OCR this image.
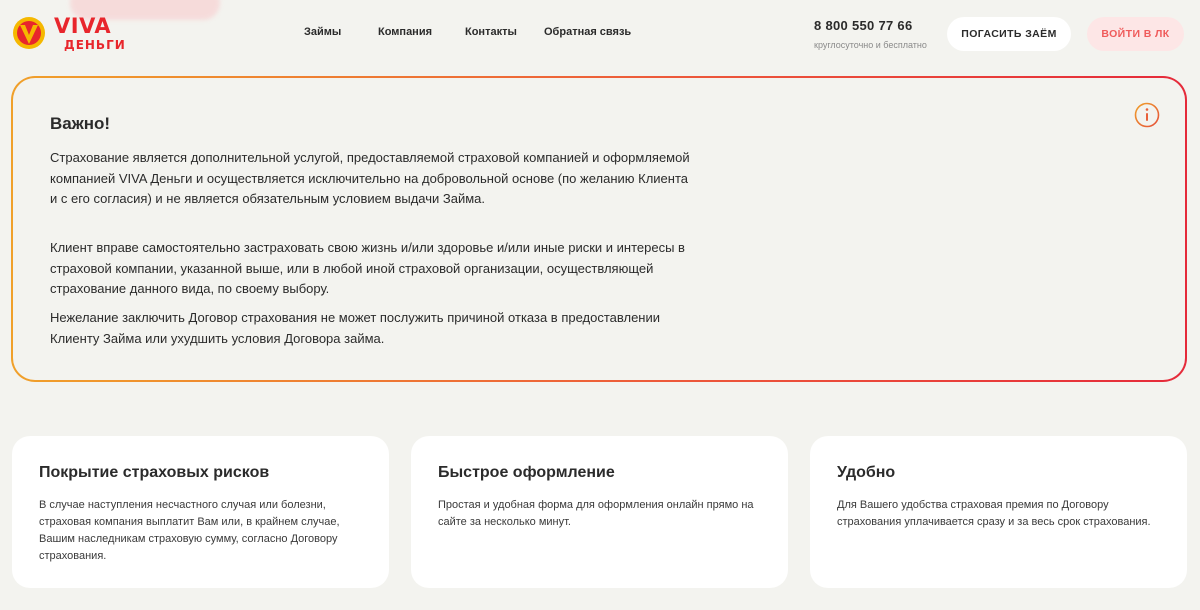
VIVA
ДЕНЬГИ
Займы	Компания	Контакты Обратная связь	8 800 550 77 66
круглосуточно и бесплатно
ПОГАСИТЬ ЗАЁМ	ВОЙТИ В ЛК
Важно!

Страхование является дополнительной услугой, предоставляемой страховой компанией и оформляемой компанией VIVA Деньги и осуществляется исключительно на добровольной основе (по желанию Клиента и с его согласия) и не является обязательным условием выдачи Займа.

Клиент вправе самостоятельно застраховать свою жизнь и/или здоровье и/или иные риски и интересы в страховой компании, указанной выше, или в любой иной страховой организации, осуществляющей страхование данного вида, по своему выбору.

Нежелание заключить Договор страхования не может послужить причиной отказа в предоставлении Клиенту Займа или ухудшить условия Договора займа.

Покрытие страховых рисков
В случае наступления несчастного случая или болезни, страховая компания выплатит Вам или, в крайнем случае, Вашим наследникам страховую сумму, согласно Договору страхования.
Быстрое оформление
Простая и удобная форма для оформления онлайн прямо на сайте за несколько минут.
Удобно
Для Вашего удобства страховая премия по Договору страхования уплачивается сразу и за весь срок страхования.
